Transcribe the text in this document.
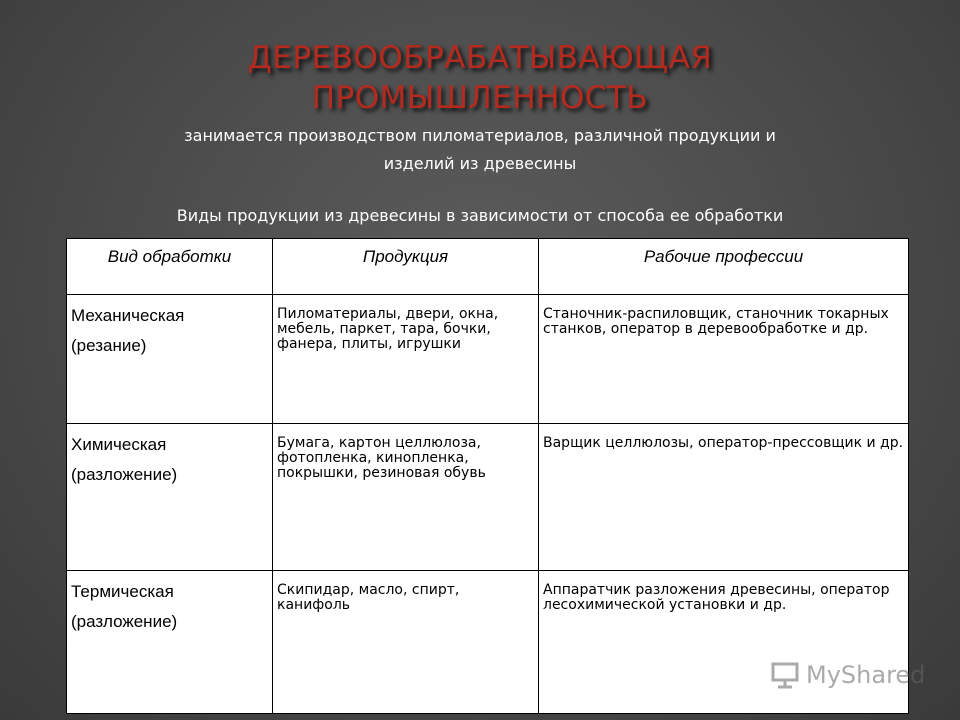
ДЕРЕВООБРАБАТЫВАЮЩАЯ
ПРОМЫШЛЕННОСТЬ
занимается производством пиломатериалов, различной продукции и
изделий из древесины
Виды продукции из древесины в зависимости от способа ее обработки
Вид обработки	Продукция	Рабочие профессии

Механическая
(резание)	Пиломатериалы, двери, окна, мебель, паркет, тара, бочки, фанера, плиты, игрушки	Станочник-распиловщик, станочник токарных станков, оператор в деревообработке и др.

Химическая
(разложение)	Бумага, картон целлюлоза, фотопленка, кинопленка, покрышки, резиновая обувь	Варщик целлюлозы, оператор-прессовщик и др.

Термическая
(разложение)	Скипидар, масло, спирт, канифоль	Аппаратчик разложения древесины, оператор лесохимической установки и др.
MyShared
